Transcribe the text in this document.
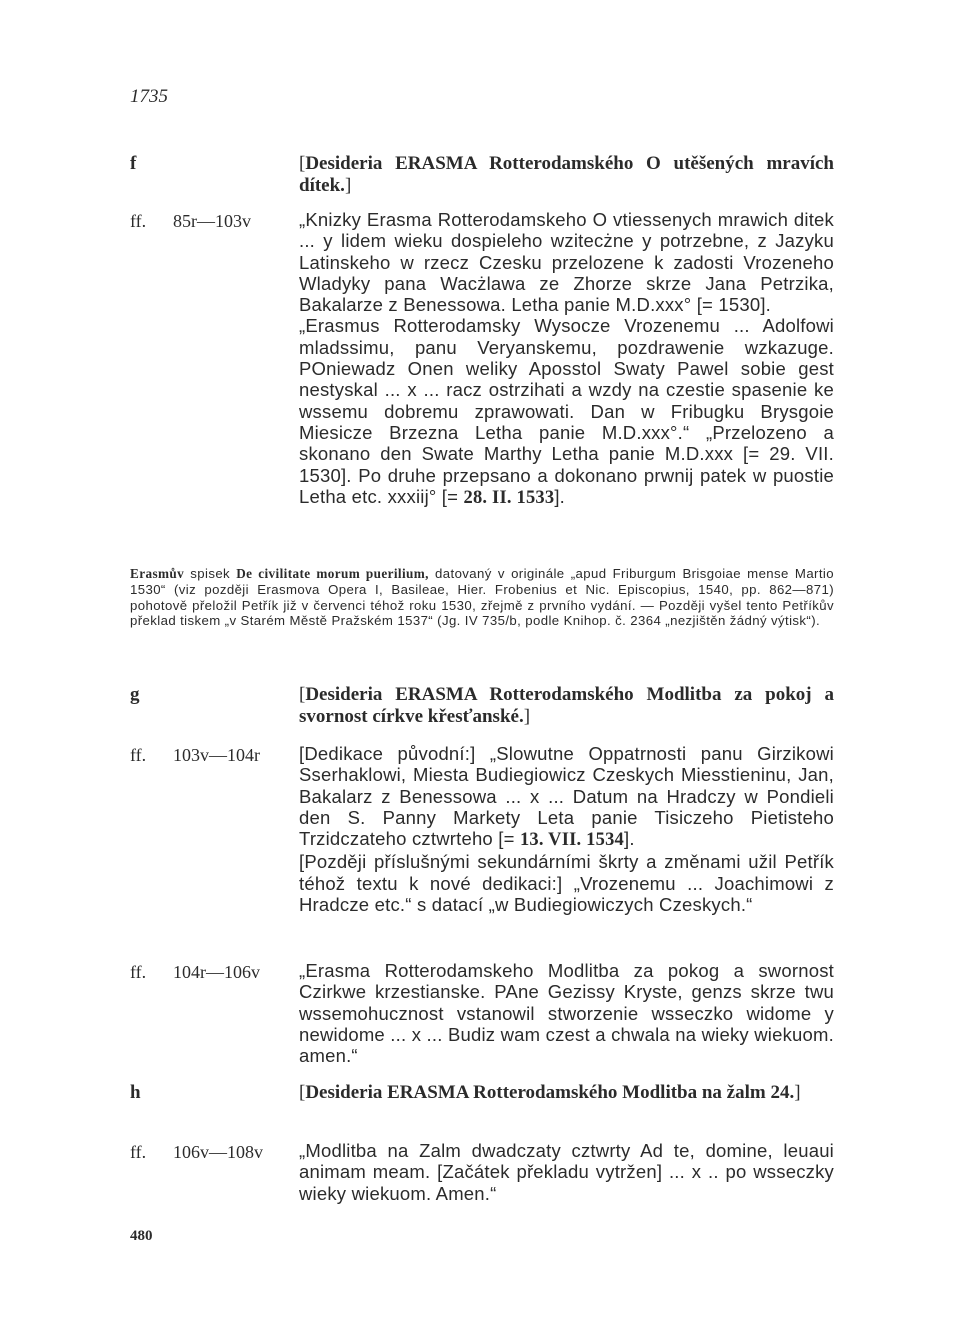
1735
f	[Desideria ERASMA Rotterodamského O utěšených mravích dítek.]
ff. 85r—103v	„Knizky Erasma Rotterodamskeho O vtiessenych mrawich ditek ... y lidem wieku dospieleho wzitecżne y potrzebne, z Jazyku Latinskeho w rzecz Czesku przelozene k zadosti Vrozeneho Wladyky pana Wacżlawa ze Zhorze skrze Jana Petrzika, Bakalarze z Benessowa. Letha panie M.D.xxx° [= 1530].

„Erasmus Rotterodamsky Wysocze Vrozenemu ... Adolfowi mladssimu, panu Veryanskemu, pozdrawenie wzkazuge. POniewadz Onen weliky Aposstol Swaty Pawel sobie gest nestyskal ... x ... racz ostrzihati a wzdy na czestie spasenie ke wssemu dobremu zprawowati. Dan w Fribugku Brysgoie Miesicze Brzezna Letha panie M.D.xxx°.“ „Przelozeno a skonano den Swate Marthy Letha panie M.D.xxx [= 29. VII. 1530]. Po druhe przepsano a dokonano prwnij patek w puostie Letha etc. xxxiij° [= 28. II. 1533].

Erasmův spisek De civilitate morum puerilium, datovaný v originále „apud Friburgum Brisgoiae mense Martio 1530“ (viz později Erasmova Opera I, Basileae, Hier. Frobenius et Nic. Episcopius, 1540, pp. 862—871) pohotově přeložil Petřík již v červenci téhož roku 1530, zřejmě z prvního vydání. — Později vyšel tento Petříkův překlad tiskem „v Starém Městě Pražském 1537“ (Jg. IV 735/b, podle Knihop. č. 2364 „nezjištěn žádný výtisk“).
g	[Desideria ERASMA Rotterodamského Modlitba za pokoj a svornost církve křesťanské.]
ff. 103v—104r [Dedikace původní:] „Slowutne Oppatrnosti panu Girzikowi Sserhaklowi, Miesta Budiegiowicz Czeskych Miesstieninu, Jan, Bakalarz z Benessowa ... x ... Datum na Hradczy w Pondieli den S. Panny Markety Leta panie Tisiczeho Pietisteho Trzidczateho cztwrteho [= 13. VII. 1534].

[Později příslušnými sekundárními škrty a změnami užil Petřík téhož textu k nové dedikaci:] „Vrozenemu ... Joachimowi z Hradcze etc.“ s datací „w Budiegiowiczych Czeskych.“

ff. 104r—106v „Erasma Rotterodamskeho Modlitba za pokog a swornost Czirkwe krzestianske. PAne Gezissy Kryste, genzs skrze twu wssemohucznost vstanowil stworzenie wsseczko widome y newidome ... x ... Budiz wam czest a chwala na wieky wiekuom. amen.“

h	[Desideria ERASMA Rotterodamského Modlitba na žalm 24.]
ff. 106v—108v „Modlitba na Zalm dwadczaty cztwrty Ad te, domine, leuaui animam meam. [Začátek překladu vytržen] ... x .. po wsseczky wieky wiekuom. Amen.“

480
